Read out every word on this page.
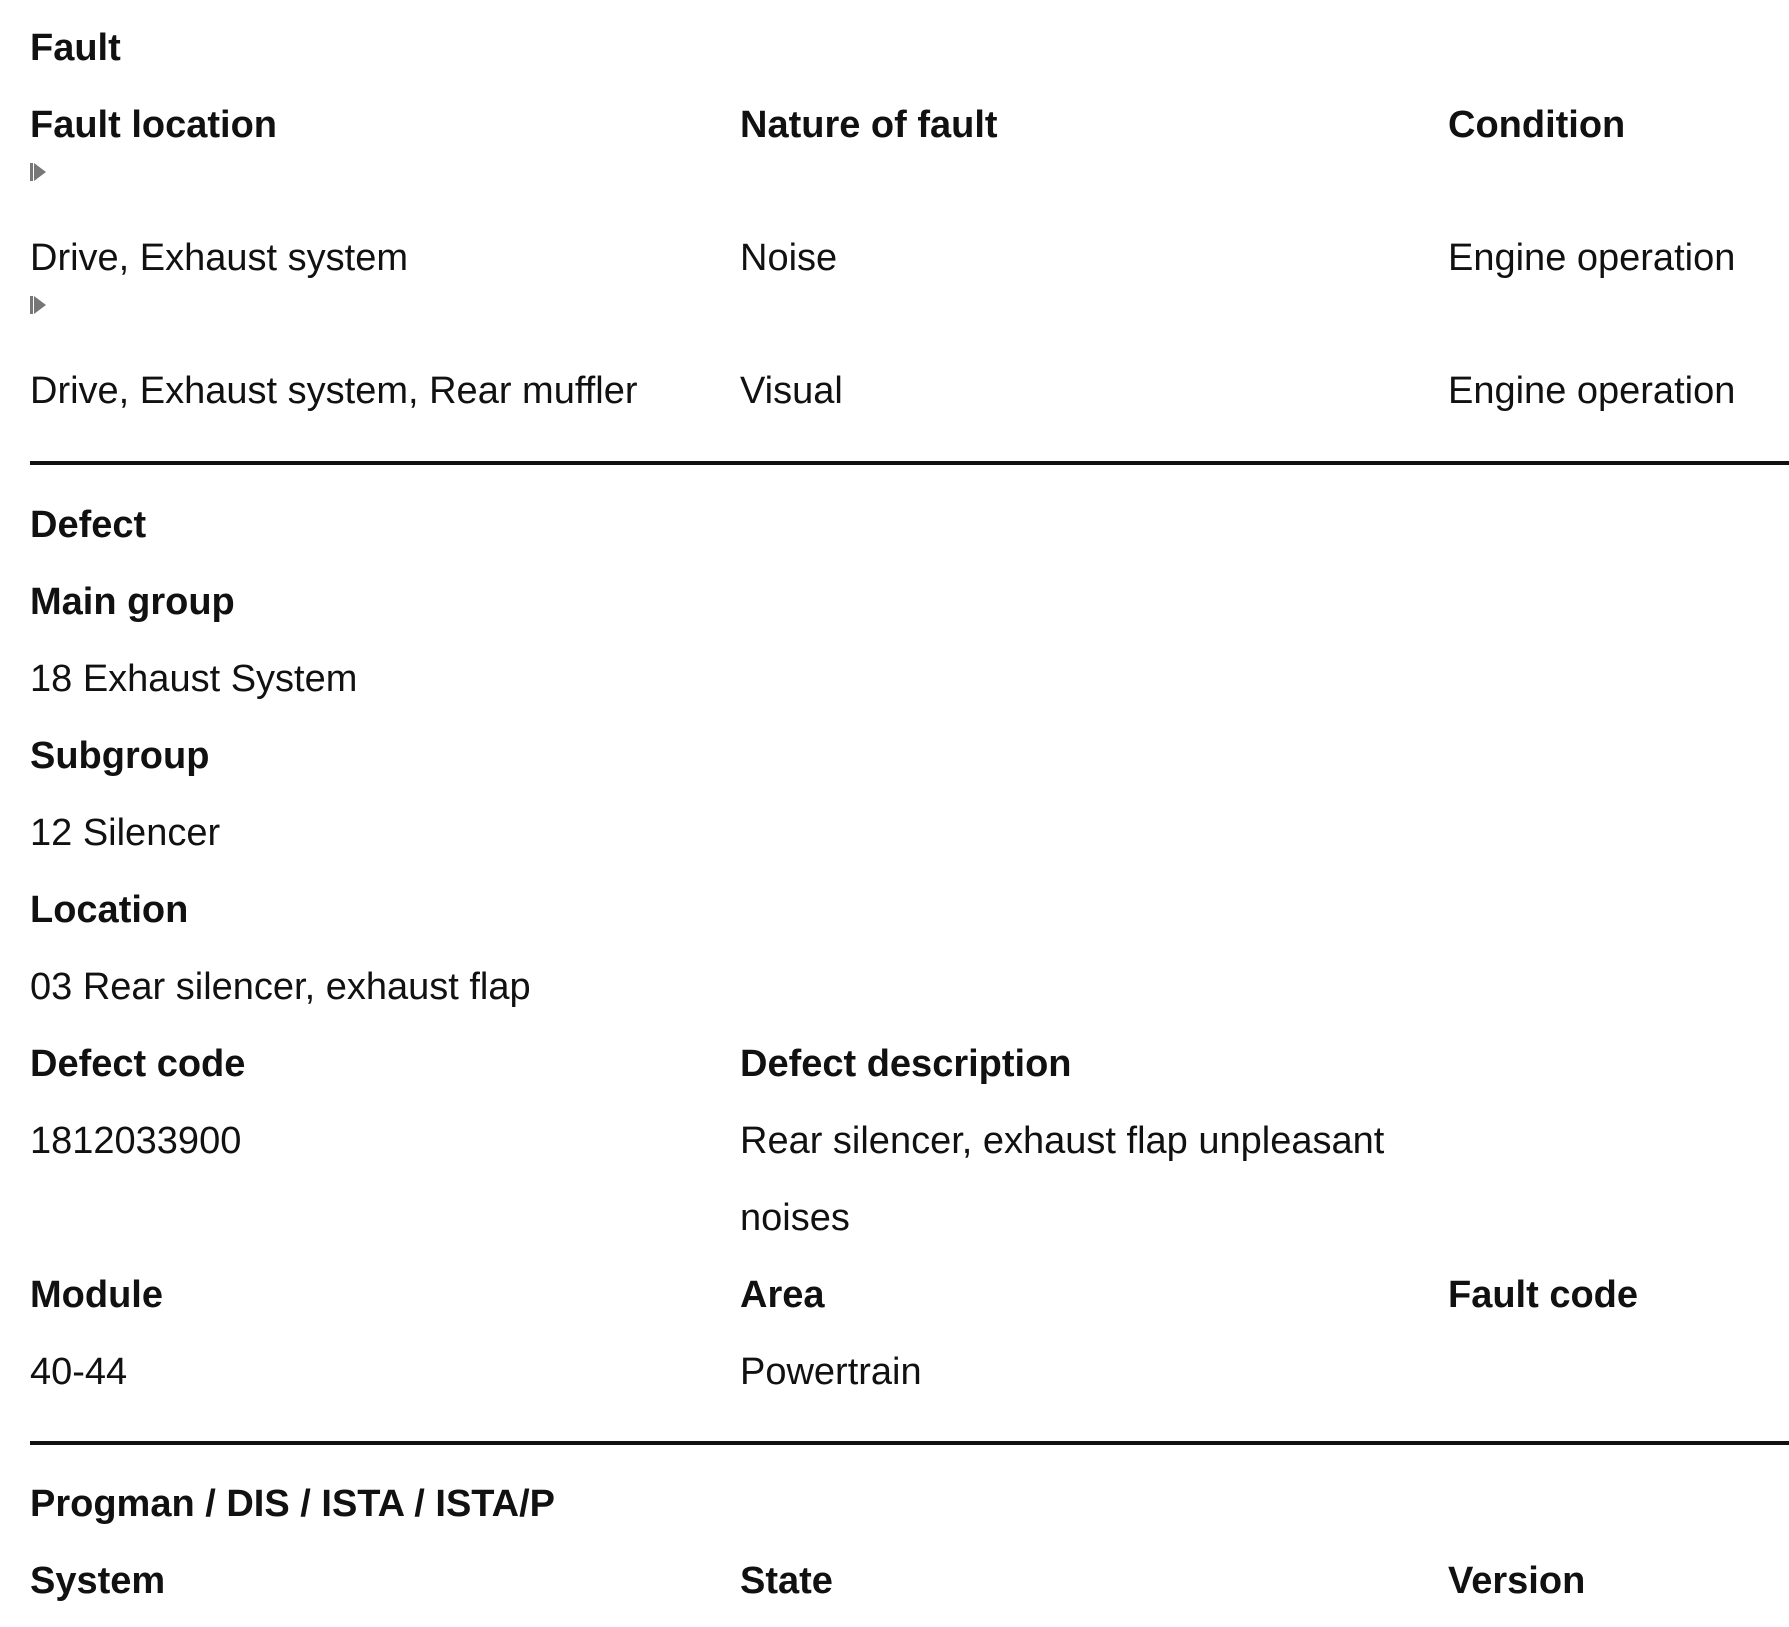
Fault
Fault location	Nature of fault	Condition
Drive, Exhaust system	Noise	Engine operation
Drive, Exhaust system, Rear muffler	Visual	Engine operation
Defect
Main group
18 Exhaust System
Subgroup
12 Silencer
Location
03 Rear silencer, exhaust flap
Defect code	Defect description
1812033900	Rear silencer, exhaust flap unpleasant
noises
Module	Area	Fault code
40-44	Powertrain
Progman / DIS / ISTA / ISTA/P
System	State	Version
